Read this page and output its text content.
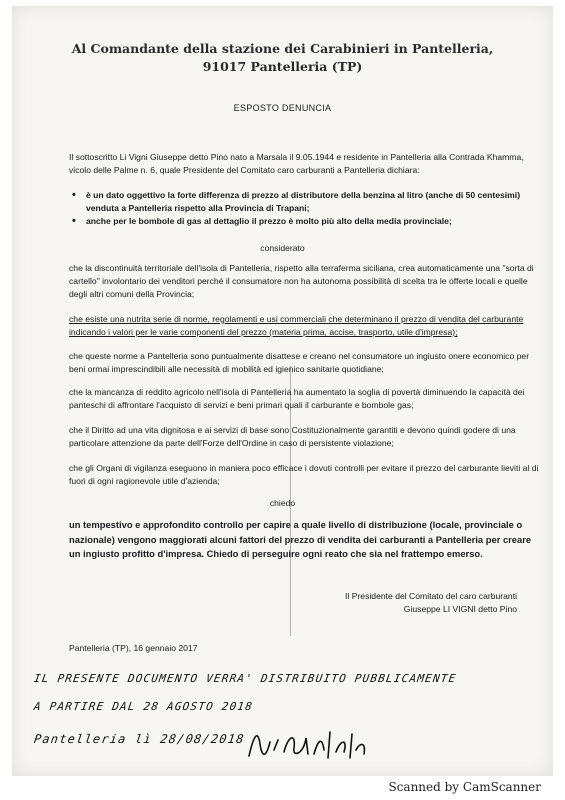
Al Comandante della stazione dei Carabinieri in Pantelleria,
91017 Pantelleria (TP)
ESPOSTO DENUNCIA
Il sottoscritto Li Vigni Giuseppe detto Pino nato a Marsala il 9.05.1944 e residente in Pantelleria alla Contrada Khamma, vicolo delle Palme n. 6, quale Presidente del Comitato caro carburanti a Pantelleria dichiara:
• è un dato oggettivo la forte differenza di prezzo al distributore della benzina al litro (anche di 50 centesimi) venduta a Pantelleria rispetto alla Provincia di Trapani;
• anche per le bombole di gas al dettaglio il prezzo è molto più alto della media provinciale;
considerato
che la discontinuità territoriale dell'isola di Pantelleria, rispetto alla terraferma siciliana, crea automaticamente una "sorta di cartello" involontario dei venditori perché il consumatore non ha autonoma possibilità di scelta tra le offerte locali e quelle degli altri comuni della Provincia;
che esiste una nutrita serie di norme, regolamenti e usi commerciali che determinano il prezzo di vendita del carburante indicando i valori per le varie componenti del prezzo (materia prima, accise, trasporto, utile d'impresa);
che queste norme a Pantelleria sono puntualmente disattese e creano nel consumatore un ingiusto onere economico per beni ormai imprescindibili alle necessità di mobilità ed igienico sanitarie quotidiane;
che la mancanza di reddito agricolo nell'isola di Pantelleria ha aumentato la soglia di povertà diminuendo la capacità dei panteschi di affrontare l'acquisto di servizi e beni primari quali il carburante e bombole gas;
che il Diritto ad una vita dignitosa e ai servizi di base sono Costituzionalmente garantiti e devono quindi godere di una particolare attenzione da parte dell'Forze dell'Ordine in caso di persistente violazione;
che gli Organi di vigilanza eseguono in maniera poco efficace i dovuti controlli per evitare il prezzo del carburante lieviti al di fuori di ogni ragionevole utile d'azienda;
chiedo
un tempestivo e approfondito controllo per capire a quale livello di distribuzione (locale, provinciale o nazionale) vengono maggiorati alcuni fattori del prezzo di vendita dei carburanti a Pantelleria per creare un ingiusto profitto d'impresa. Chiedo di perseguire ogni reato che sia nel frattempo emerso.
Il Presidente del Comitato del caro carburanti
Giuseppe LI VIGNI detto Pino
Pantelleria (TP), 16 gennaio 2017
IL PRESENTE DOCUMENTO VERRA' DISTRIBUITO PUBBLICAMENTE
A PARTIRE DAL 28 AGOSTO 2018
Pantelleria lì 28/08/2018
Scanned by CamScanner
